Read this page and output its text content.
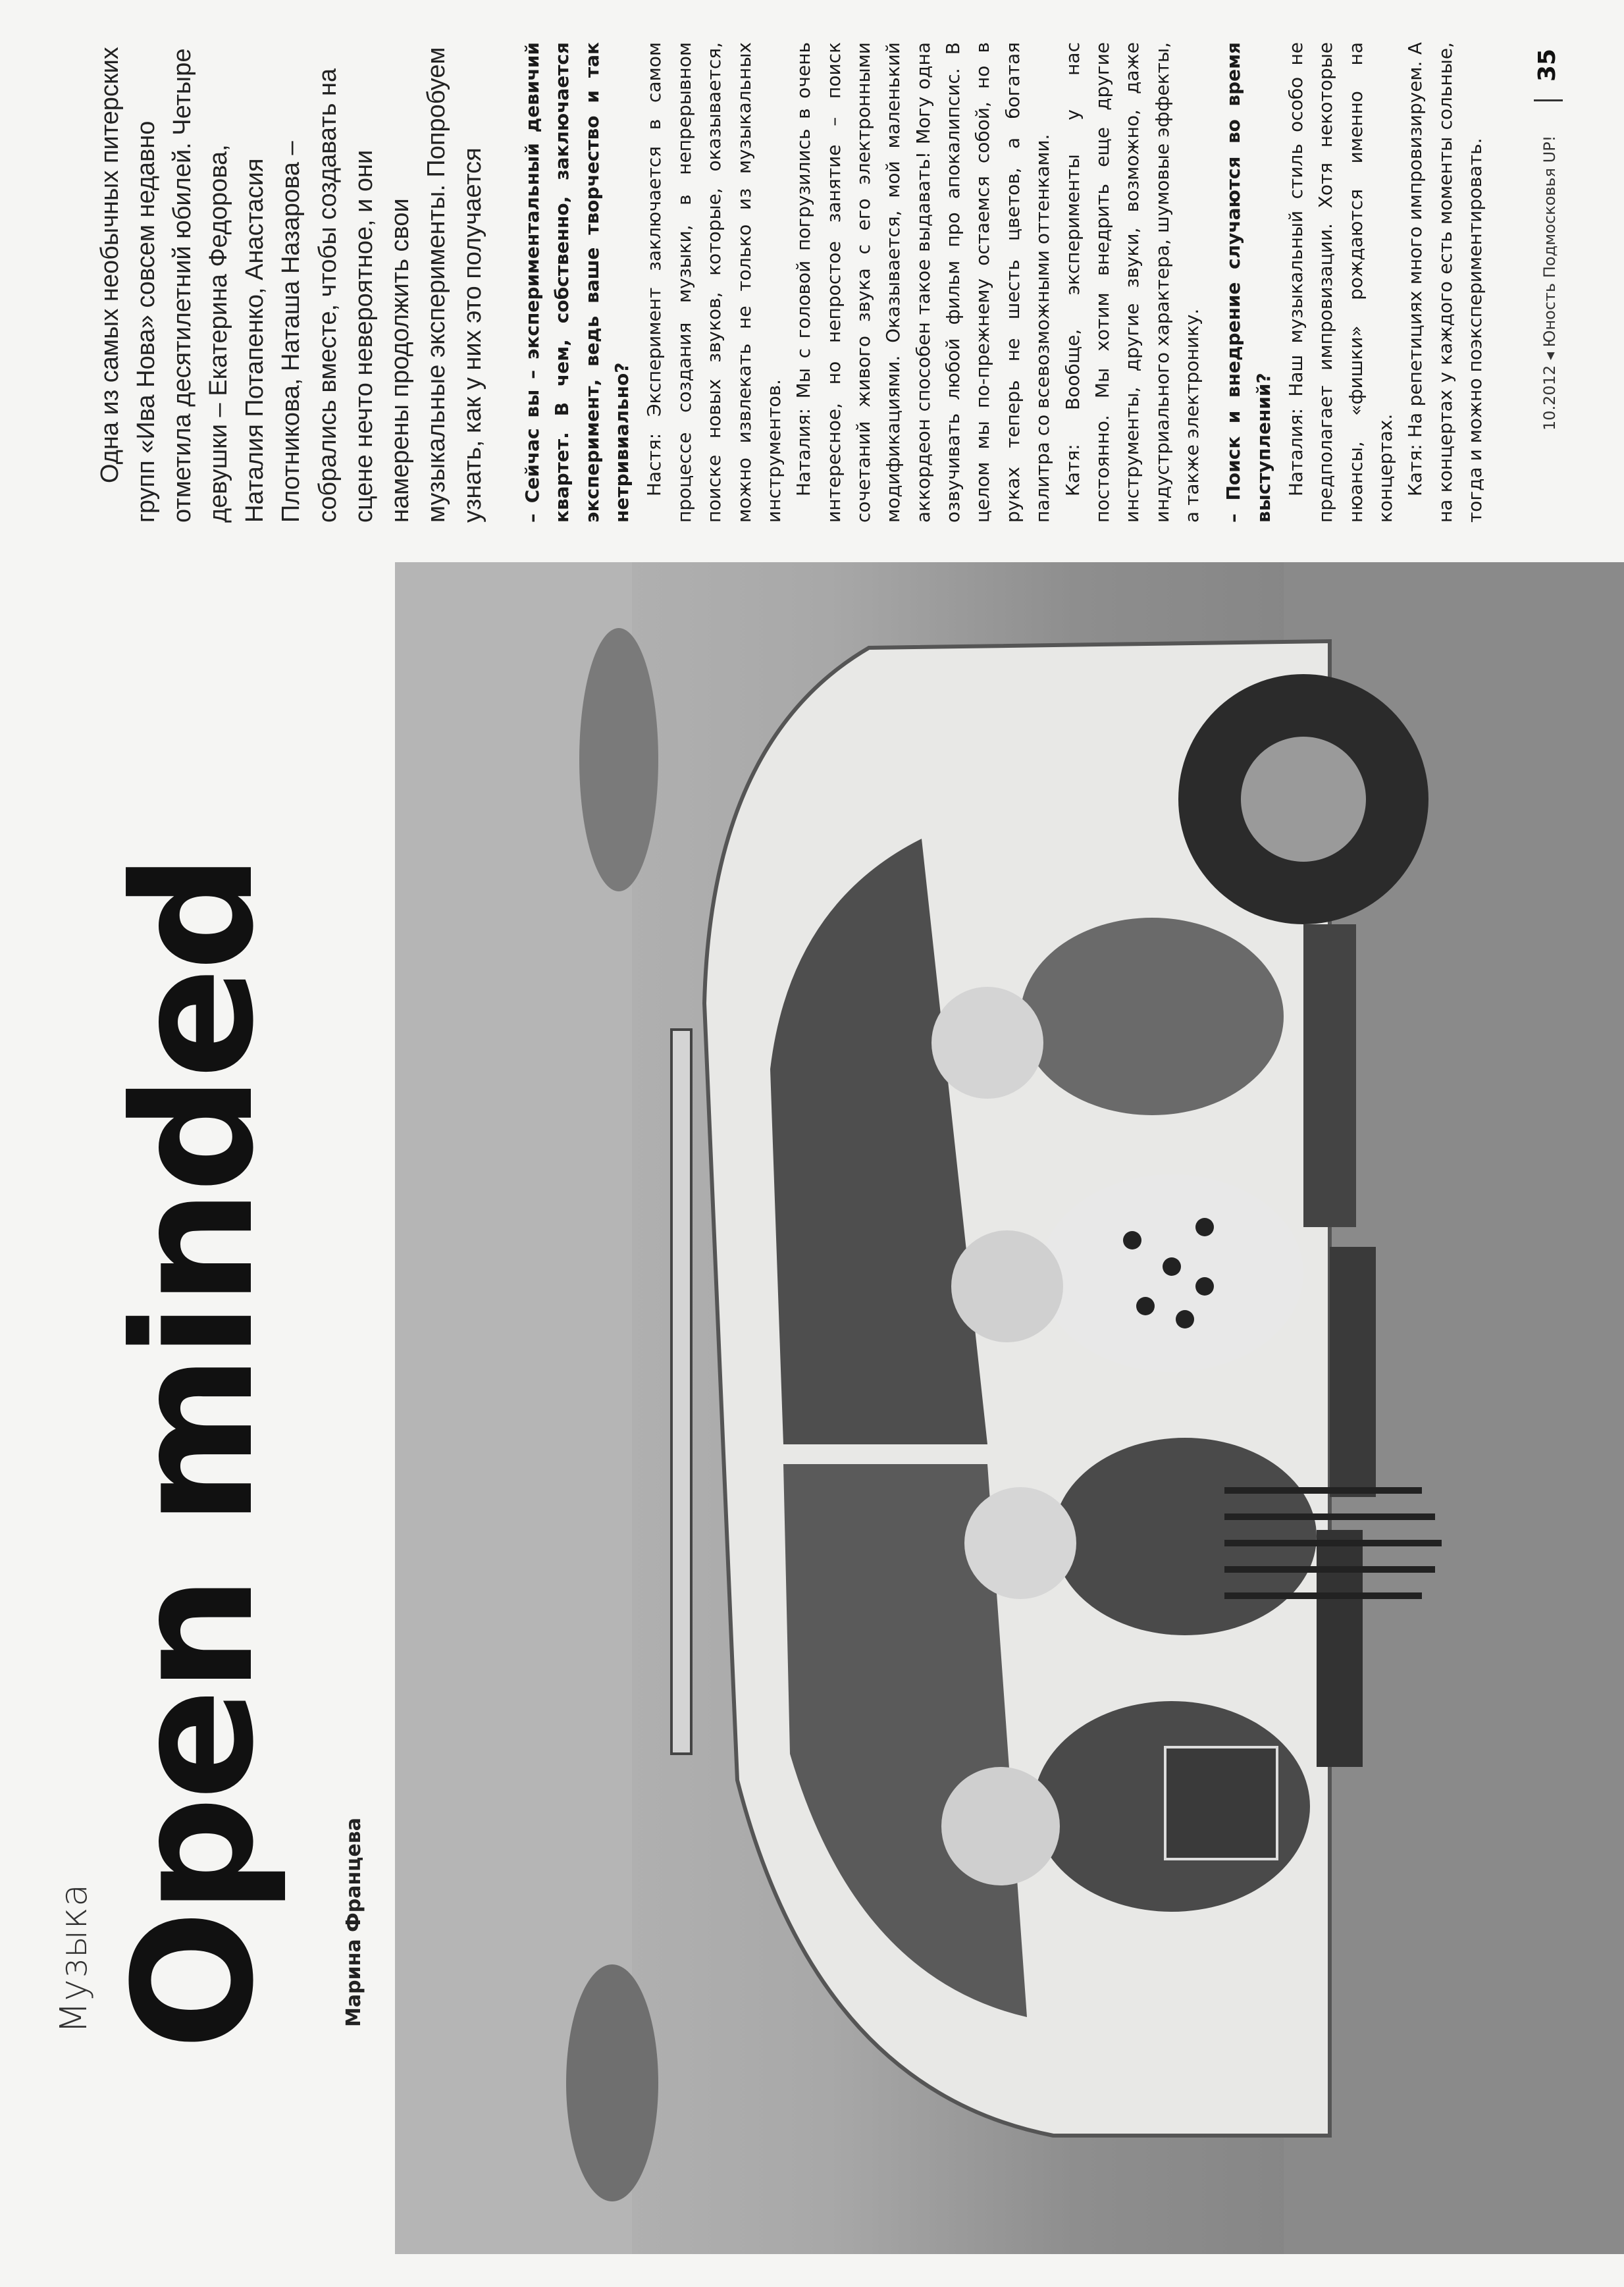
Музыка Open minded	Марина Францева

Одна из самых необычных питерских групп «Ива Нова» совсем недавно отметила десятилетний юбилей. Четыре девушки – Екатерина Федорова, Наталия Потапенко, Анастасия Плотникова, Наташа Назарова – собрались вместе, чтобы создавать на сцене нечто невероятное, и они намерены продолжить свои музыкальные эксперименты. Попробуем узнать, как у них это получается – Сейчас вы – экспериментальный девичий квартет. В чем, собственно, заключается эксперимент, ведь ваше творчество и так нетривиально? Настя: Эксперимент заключается в самом процессе создания музыки, в непрерывном поиске новых звуков, которые, оказывается, можно извлекать не только из музыкальных инструментов. Наталия: Мы с головой погрузились в очень интересное, но непростое занятие – поиск сочетаний живого звука с его электронными модификациями. Оказывается, мой маленький аккордеон способен такое выдавать! Могу одна озвучивать любой фильм про апокалипсис. В целом мы по-прежнему остаемся собой, но в руках теперь не шесть цветов, а богатая палитра со всевозможными оттенками. Катя: Вообще, эксперименты у нас постоянно. Мы хотим внедрить еще другие инструменты, другие звуки, возможно, даже индустриального характера, шумовые эффекты, а также электронику. – Поиск и внедрение случаются во время выступлений? Наталия: Наш музыкальный стиль особо не предполагает импровизации. Хотя некоторые нюансы, «фишки» рождаются именно на концертах. Катя: На репетициях много импровизируем. А на концертах у каждого есть моменты сольные, тогда и можно поэкспериментировать.	10.2012 ◂ Юность Подмосковья UP!
35
